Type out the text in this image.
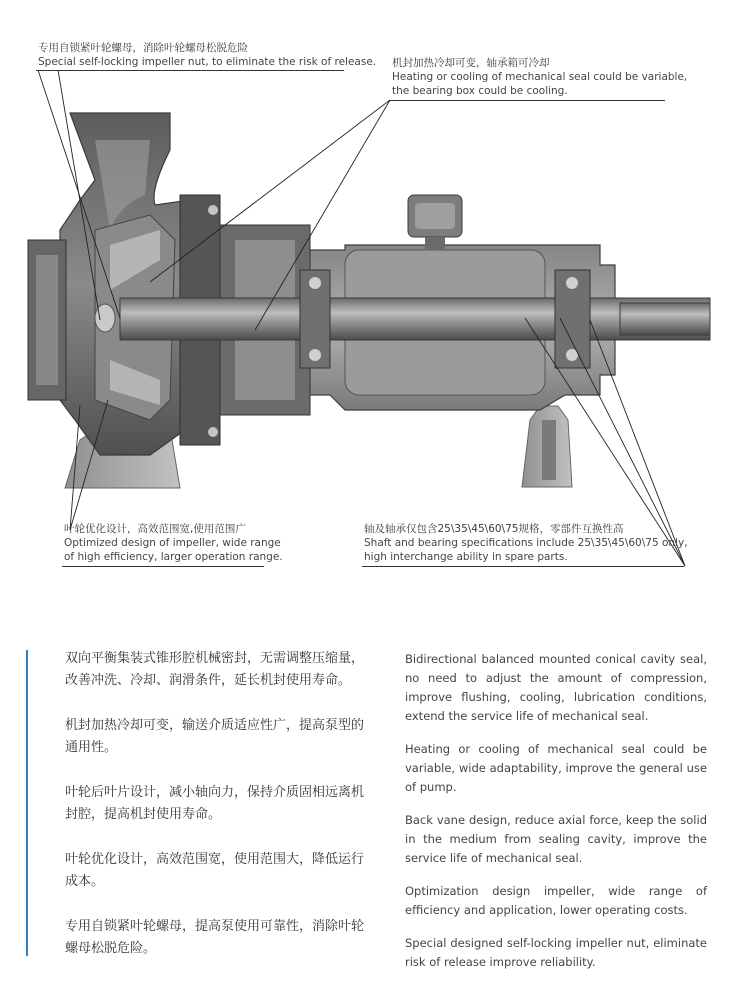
专用自锁紧叶轮螺母，消除叶轮螺母松脱危险
Special self-locking impeller nut, to eliminate the risk of release. 机封加热冷却可变，轴承箱可冷却
Heating or cooling of mechanical seal could be variable,
the bearing box could be cooling.
叶轮优化设计，高效范围宽,使用范围广
Optimized design of impeller, wide range
of high efficiency, larger operation range.
轴及轴承仅包含25\35\45\60\75规格，零部件互换性高
Shaft and bearing specifications include 25\35\45\60\75 only,
high interchange ability in spare parts.

双向平衡集装式锥形腔机械密封，无需调整压缩量，改善冲洗、冷却、润滑条件，延长机封使用寿命。

机封加热冷却可变，输送介质适应性广，提高泵型的通用性。

叶轮后叶片设计，减小轴向力，保持介质固相远离机封腔，提高机封使用寿命。

叶轮优化设计，高效范围宽，使用范围大，降低运行成本。

专用自锁紧叶轮螺母，提高泵使用可靠性，消除叶轮螺母松脱危险。

Bidirectional balanced mounted conical cavity seal, no need to adjust the amount of compression, improve flushing, cooling, lubrication conditions, extend the service life of mechanical seal.

Heating or cooling of mechanical seal could be variable, wide adaptability, improve the general use of pump.

Back vane design, reduce axial force, keep the solid in the medium from sealing cavity, improve the service life of mechanical seal.

Optimization design impeller, wide range of efficiency and application, lower operating costs.

Special designed self-locking impeller nut, eliminate risk of release improve reliability.
